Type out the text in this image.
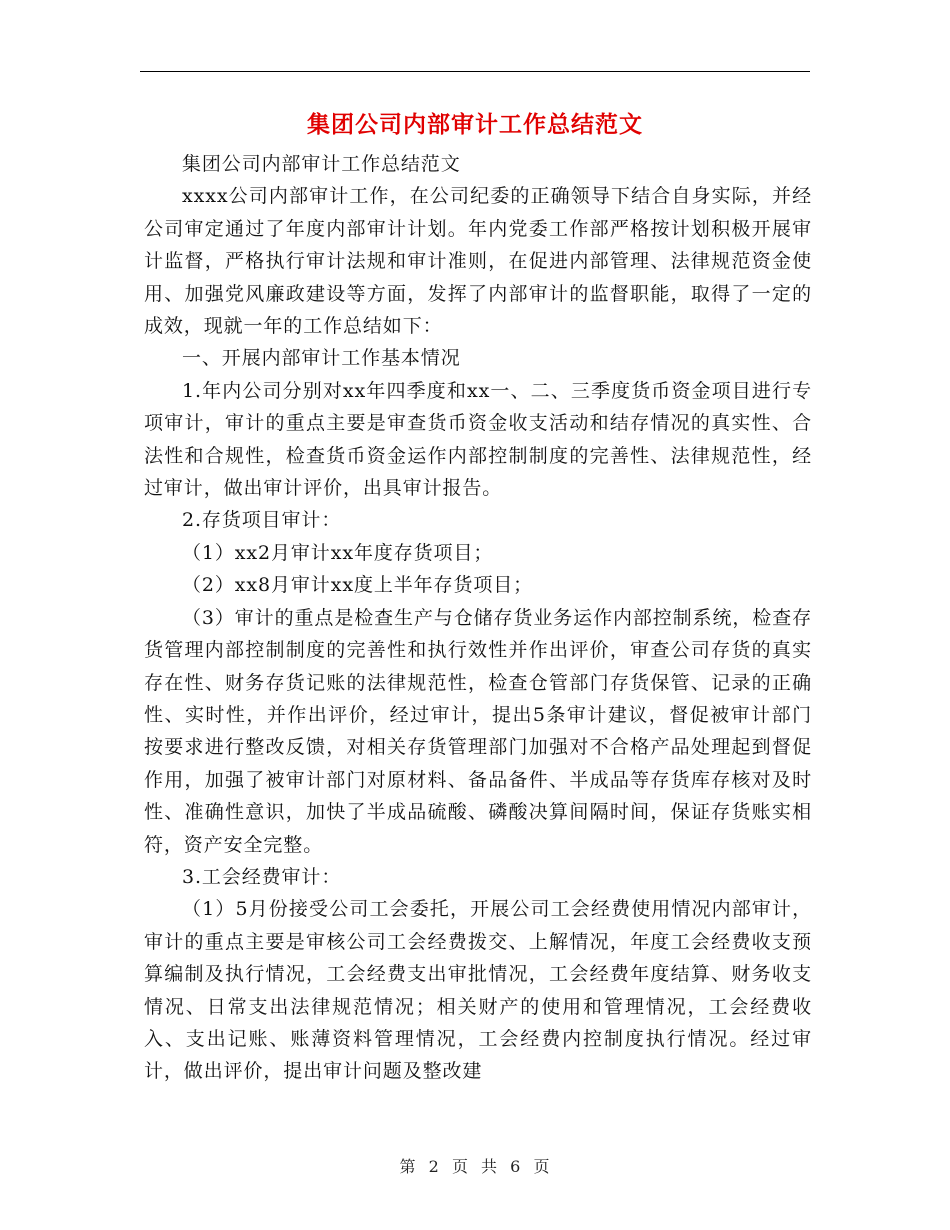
集团公司内部审计工作总结范文

集团公司内部审计工作总结范文

xxxx公司内部审计工作，在公司纪委的正确领导下结合自身实际，并经公司审定通过了年度内部审计计划。年内党委工作部严格按计划积极开展审计监督，严格执行审计法规和审计准则，在促进内部管理、法律规范资金使用、加强党风廉政建设等方面，发挥了内部审计的监督职能，取得了一定的成效，现就一年的工作总结如下：

一、开展内部审计工作基本情况

1.年内公司分别对xx年四季度和xx一、二、三季度货币资金项目进行专项审计，审计的重点主要是审查货币资金收支活动和结存情况的真实性、合法性和合规性，检查货币资金运作内部控制制度的完善性、法律规范性，经过审计，做出审计评价，出具审计报告。

2.存货项目审计：

（1）xx2月审计xx年度存货项目；

（2）xx8月审计xx度上半年存货项目；

（3）审计的重点是检查生产与仓储存货业务运作内部控制系统，检查存货管理内部控制制度的完善性和执行效性并作出评价，审查公司存货的真实存在性、财务存货记账的法律规范性，检查仓管部门存货保管、记录的正确性、实时性，并作出评价，经过审计，提出5条审计建议，督促被审计部门按要求进行整改反馈，对相关存货管理部门加强对不合格产品处理起到督促作用，加强了被审计部门对原材料、备品备件、半成品等存货库存核对及时性、准确性意识，加快了半成品硫酸、磷酸决算间隔时间，保证存货账实相符，资产安全完整。

3.工会经费审计：

（1）5月份接受公司工会委托，开展公司工会经费使用情况内部审计，审计的重点主要是审核公司工会经费拨交、上解情况，年度工会经费收支预算编制及执行情况，工会经费支出审批情况，工会经费年度结算、财务收支情况、日常支出法律规范情况；相关财产的使用和管理情况，工会经费收入、支出记账、账薄资料管理情况，工会经费内控制度执行情况。经过审计，做出评价，提出审计问题及整改建

第 2 页 共 6 页
